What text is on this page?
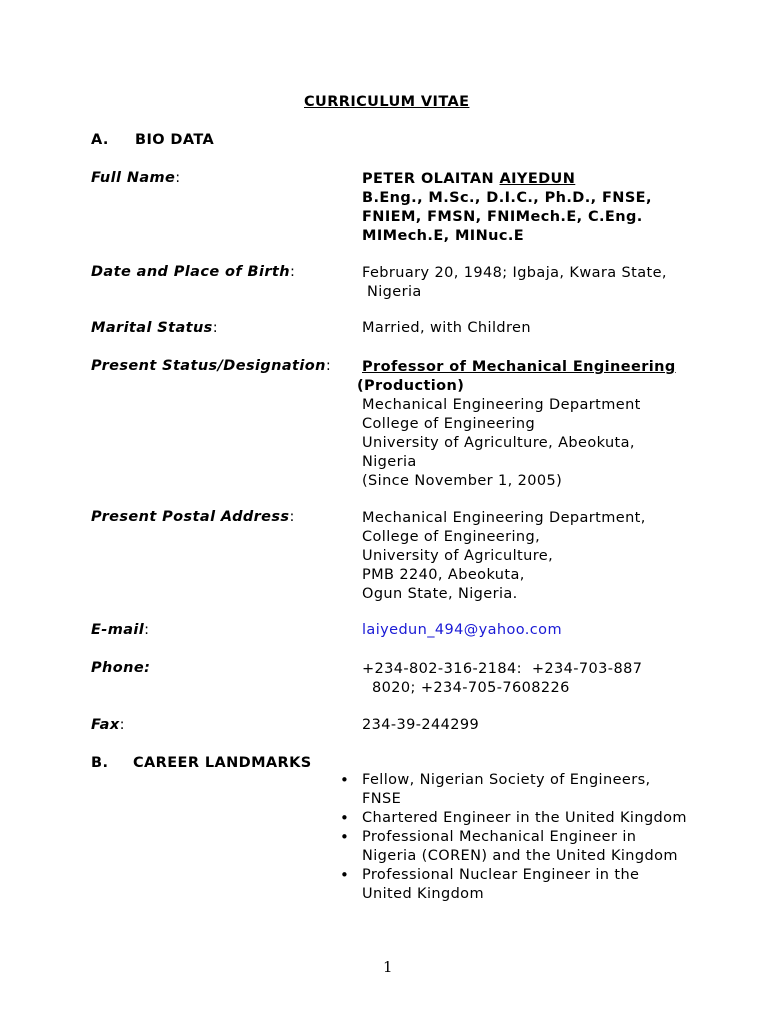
CURRICULUM VITAE
A. BIO DATA
Full Name:	PETER OLAITAN AIYEDUN
B.Eng., M.Sc., D.I.C., Ph.D., FNSE,
FNIEM, FMSN, FNIMech.E, C.Eng.
MIMech.E, MINuc.E
Date and Place of Birth:	February 20, 1948; Igbaja, Kwara State,
Nigeria
Marital Status:	Married, with Children
Present Status/Designation: Professor of Mechanical Engineering
(Production)
Mechanical Engineering Department
College of Engineering
University of Agriculture, Abeokuta,
Nigeria
(Since November 1, 2005)
Present Postal Address:	Mechanical Engineering Department,
College of Engineering,
University of Agriculture,
PMB 2240, Abeokuta,
Ogun State, Nigeria.
E-mail:	laiyedun_494@yahoo.com
Phone:	+234-802-316-2184:  +234-703-887
8020; +234-705-7608226
Fax:	234-39-244299
B. CAREER LANDMARKS
• Fellow, Nigerian Society of Engineers,
FNSE
• Chartered Engineer in the United Kingdom
• Professional Mechanical Engineer in
Nigeria (COREN) and the United Kingdom
• Professional Nuclear Engineer in the
United Kingdom
1
